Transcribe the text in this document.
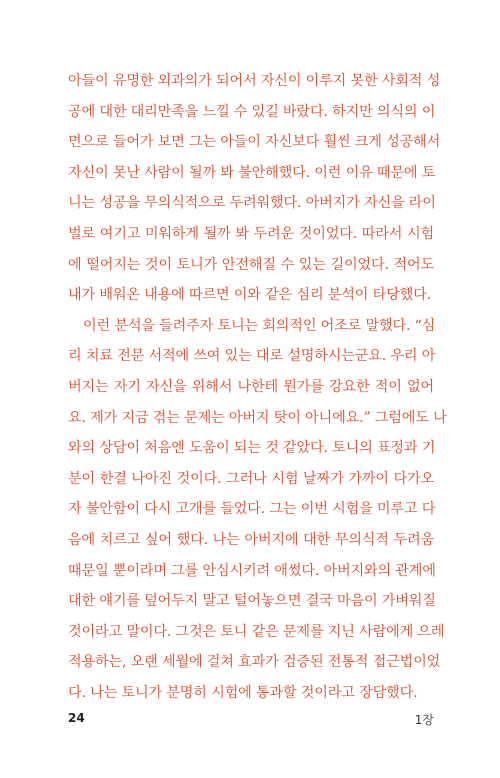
아들이 유명한 외과의가 되어서 자신이 이루지 못한 사회적 성
공에 대한 대리만족을 느낄 수 있길 바랐다. 하지만 의식의 이
면으로 들어가 보면 그는 아들이 자신보다 훨씬 크게 성공해서
자신이 못난 사람이 될까 봐 불안해했다. 이런 이유 때문에 토
니는 성공을 무의식적으로 두려워했다. 아버지가 자신을 라이
벌로 여기고 미워하게 될까 봐 두려운 것이었다. 따라서 시험
에 떨어지는 것이 토니가 안전해질 수 있는 길이었다. 적어도
내가 배워온 내용에 따르면 이와 같은 심리 분석이 타당했다.
이런 분석을 들려주자 토니는 회의적인 어조로 말했다. “심
리 치료 전문 서적에 쓰여 있는 대로 설명하시는군요. 우리 아
버지는 자기 자신을 위해서 나한테 뭔가를 강요한 적이 없어
요. 제가 지금 겪는 문제는 아버지 탓이 아니에요.” 그럼에도 나
와의 상담이 처음엔 도움이 되는 것 같았다. 토니의 표정과 기
분이 한결 나아진 것이다. 그러나 시험 날짜가 가까이 다가오
자 불안함이 다시 고개를 들었다. 그는 이번 시험을 미루고 다
음에 치르고 싶어 했다. 나는 아버지에 대한 무의식적 두려움
때문일 뿐이라며 그를 안심시키려 애썼다. 아버지와의 관계에
대한 얘기를 덮어두지 말고 털어놓으면 결국 마음이 가벼워질
것이라고 말이다. 그것은 토니 같은 문제를 지닌 사람에게 으레
적용하는, 오랜 세월에 걸쳐 효과가 검증된 전통적 접근법이었
다. 나는 토니가 분명히 시험에 통과할 것이라고 장담했다.
24	1장
